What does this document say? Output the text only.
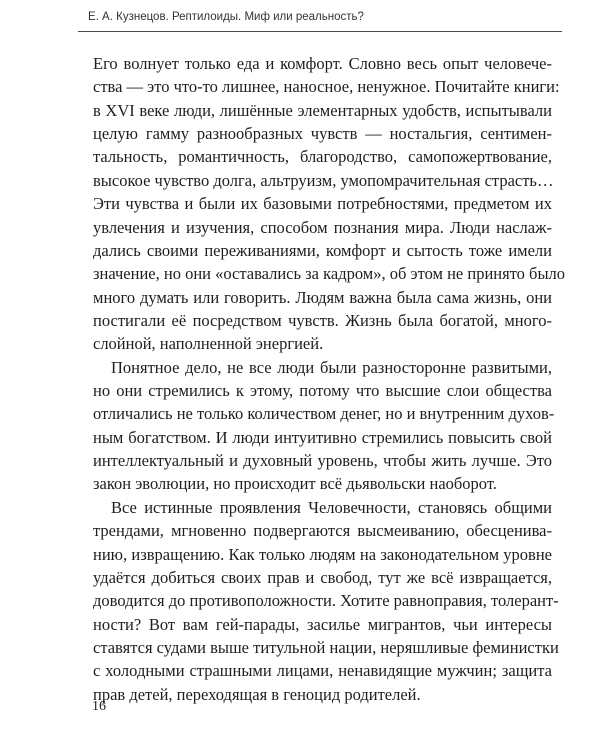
Е. А. Кузнецов. Рептилоиды. Миф или реальность?
Его волнует только еда и комфорт. Словно весь опыт человече-
ства — это что-то лишнее, наносное, ненужное. Почитайте книги:
в XVI веке люди, лишённые элементарных удобств, испытывали
целую гамму разнообразных чувств — ностальгия, сентимен-
тальность, романтичность, благородство, самопожертвование,
высокое чувство долга, альтруизм, умопомрачительная страсть…
Эти чувства и были их базовыми потребностями, предметом их
увлечения и изучения, способом познания мира. Люди наслаж-
дались своими переживаниями, комфорт и сытость тоже имели
значение, но они «оставались за кадром», об этом не принято было
много думать или говорить. Людям важна была сама жизнь, они
постигали её посредством чувств. Жизнь была богатой, много-
слойной, наполненной энергией.
Понятное дело, не все люди были разносторонне развитыми,
но они стремились к этому, потому что высшие слои общества
отличались не только количеством денег, но и внутренним духов-
ным богатством. И люди интуитивно стремились повысить свой
интеллектуальный и духовный уровень, чтобы жить лучше. Это
закон эволюции, но происходит всё дьявольски наоборот.
Все истинные проявления Человечности, становясь общими
трендами, мгновенно подвергаются высмеиванию, обесценива-
нию, извращению. Как только людям на законодательном уровне
удаётся добиться своих прав и свобод, тут же всё извращается,
доводится до противоположности. Хотите равноправия, толерант-
ности? Вот вам гей-парады, засилье мигрантов, чьи интересы
ставятся судами выше титульной нации, неряшливые феминистки
с холодными страшными лицами, ненавидящие мужчин; защита
прав детей, переходящая в геноцид родителей.
16
